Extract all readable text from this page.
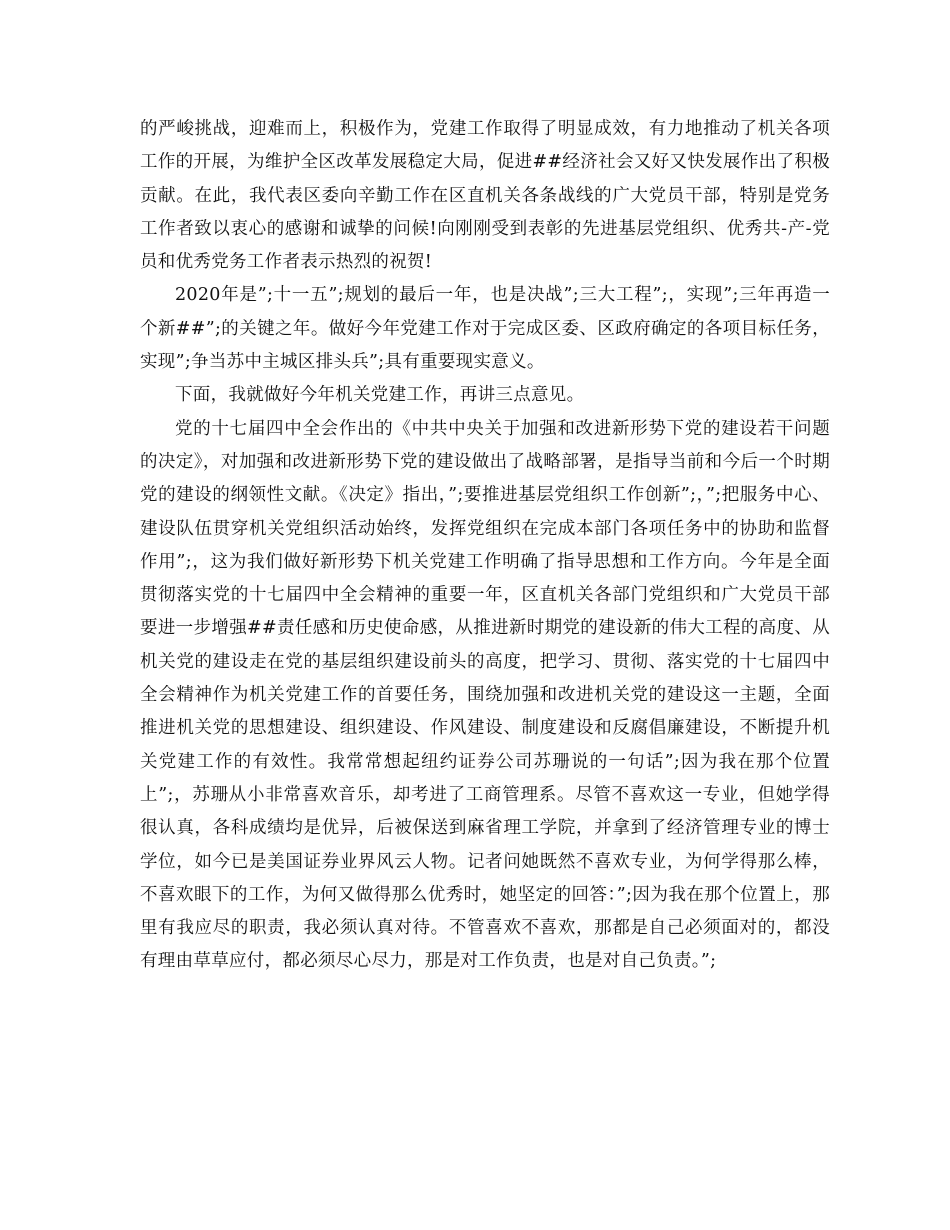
的严峻挑战，迎难而上，积极作为，党建工作取得了明显成效，有力地推动了机关各项工作的开展，为维护全区改革发展稳定大局，促进##经济社会又好又快发展作出了积极贡献。在此，我代表区委向辛勤工作在区直机关各条战线的广大党员干部，特别是党务工作者致以衷心的感谢和诚挚的问候!向刚刚受到表彰的先进基层党组织、优秀共-产-党员和优秀党务工作者表示热烈的祝贺!

2020年是”;十一五”;规划的最后一年，也是决战”;三大工程”;，实现”;三年再造一个新##”;的关键之年。做好今年党建工作对于完成区委、区政府确定的各项目标任务，实现”;争当苏中主城区排头兵”;具有重要现实意义。

下面，我就做好今年机关党建工作，再讲三点意见。

党的十七届四中全会作出的《中共中央关于加强和改进新形势下党的建设若干问题的决定》，对加强和改进新形势下党的建设做出了战略部署，是指导当前和今后一个时期党的建设的纲领性文献。《决定》指出，”;要推进基层党组织工作创新”;，”;把服务中心、建设队伍贯穿机关党组织活动始终，发挥党组织在完成本部门各项任务中的协助和监督作用”;，这为我们做好新形势下机关党建工作明确了指导思想和工作方向。今年是全面贯彻落实党的十七届四中全会精神的重要一年，区直机关各部门党组织和广大党员干部要进一步增强##责任感和历史使命感，从推进新时期党的建设新的伟大工程的高度、从机关党的建设走在党的基层组织建设前头的高度，把学习、贯彻、落实党的十七届四中全会精神作为机关党建工作的首要任务，围绕加强和改进机关党的建设这一主题，全面推进机关党的思想建设、组织建设、作风建设、制度建设和反腐倡廉建设，不断提升机关党建工作的有效性。我常常想起纽约证券公司苏珊说的一句话”;因为我在那个位置上”;，苏珊从小非常喜欢音乐，却考进了工商管理系。尽管不喜欢这一专业，但她学得很认真，各科成绩均是优异，后被保送到麻省理工学院，并拿到了经济管理专业的博士学位，如今已是美国证券业界风云人物。记者问她既然不喜欢专业，为何学得那么棒，不喜欢眼下的工作，为何又做得那么优秀时，她坚定的回答：”;因为我在那个位置上，那里有我应尽的职责，我必须认真对待。不管喜欢不喜欢，那都是自己必须面对的，都没有理由草草应付，都必须尽心尽力，那是对工作负责，也是对自己负责。”;
